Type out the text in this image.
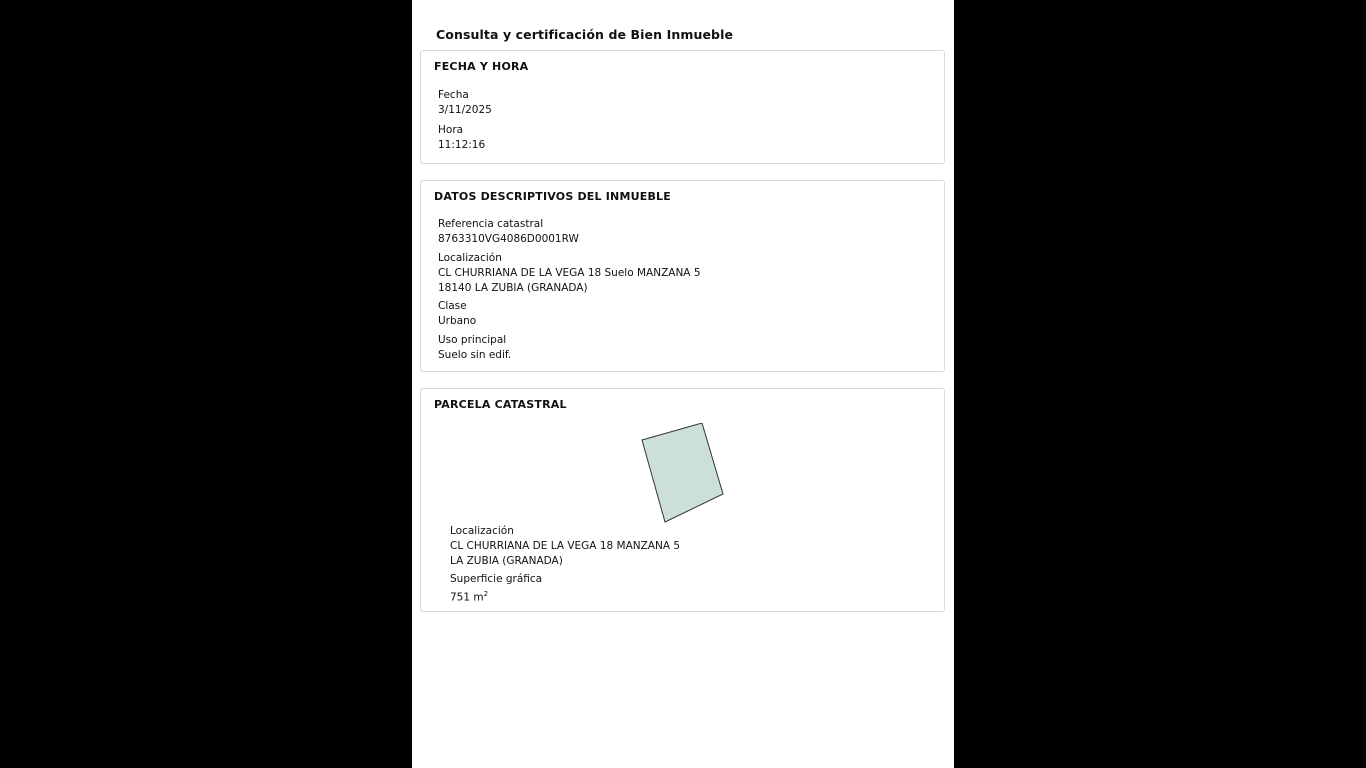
Consulta y certificación de Bien Inmueble
FECHA Y HORA
Fecha
3/11/2025
Hora
11:12:16
DATOS DESCRIPTIVOS DEL INMUEBLE
Referencia catastral
8763310VG4086D0001RW
Localización
CL CHURRIANA DE LA VEGA 18 Suelo MANZANA 5
18140 LA ZUBIA (GRANADA)
Clase
Urbano
Uso principal
Suelo sin edif.
PARCELA CATASTRAL
Localización
CL CHURRIANA DE LA VEGA 18 MANZANA 5
LA ZUBIA (GRANADA)
Superficie gráfica
751 $m^2$
